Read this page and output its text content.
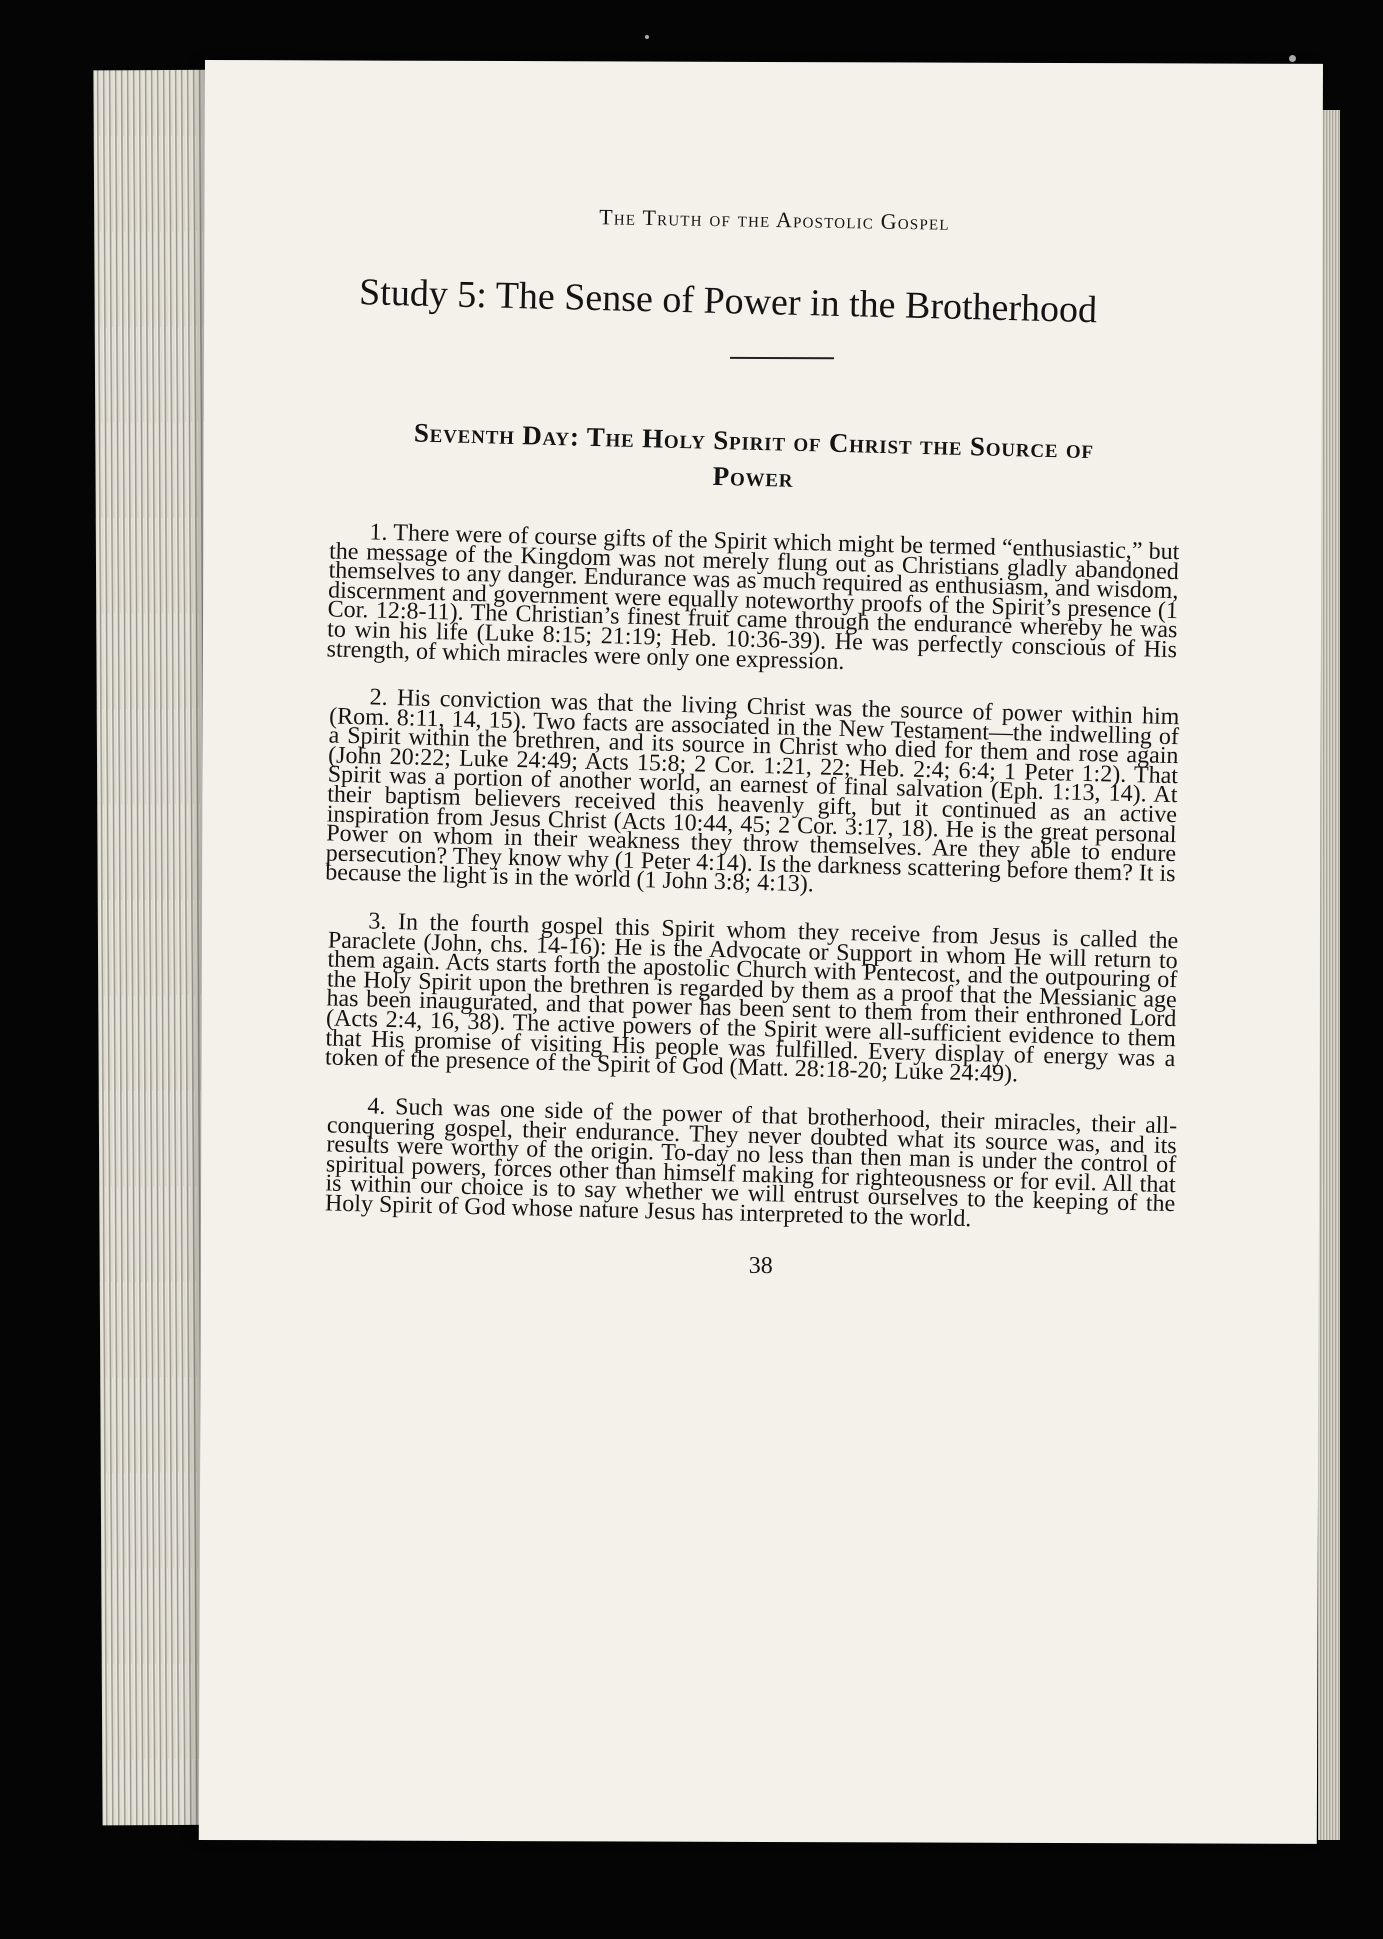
The Truth of the Apostolic Gospel
Study 5: The Sense of Power in the Brotherhood
Seventh Day: The Holy Spirit of Christ the Source of
Power

1. There were of course gifts of the Spirit which might be termed “enthusiastic,” but the message of the Kingdom was not merely flung out as Christians gladly abandoned themselves to any danger. Endurance was as much required as enthusiasm, and wisdom, discernment and government were equally noteworthy proofs of the Spirit’s presence (1 Cor. 12:8-11). The Christian’s finest fruit came through the endurance whereby he was to win his life (Luke 8:15; 21:19; Heb. 10:36-39). He was perfectly conscious of His strength, of which miracles were only one expression.

2. His conviction was that the living Christ was the source of power within him (Rom. 8:11, 14, 15). Two facts are associated in the New Testament—the indwelling of a Spirit within the brethren, and its source in Christ who died for them and rose again (John 20:22; Luke 24:49; Acts 15:8; 2 Cor. 1:21, 22; Heb. 2:4; 6:4; 1 Peter 1:2). That Spirit was a portion of another world, an earnest of final salvation (Eph. 1:13, 14). At their baptism believers received this heavenly gift, but it continued as an active inspiration from Jesus Christ (Acts 10:44, 45; 2 Cor. 3:17, 18). He is the great personal Power on whom in their weakness they throw themselves. Are they able to endure persecution? They know why (1 Peter 4:14). Is the darkness scattering before them? It is because the light is in the world (1 John 3:8; 4:13).

3. In the fourth gospel this Spirit whom they receive from Jesus is called the Paraclete (John, chs. 14-16): He is the Advocate or Support in whom He will return to them again. Acts starts forth the apostolic Church with Pentecost, and the outpouring of the Holy Spirit upon the brethren is regarded by them as a proof that the Messianic age has been inaugurated, and that power has been sent to them from their enthroned Lord (Acts 2:4, 16, 38). The active powers of the Spirit were all-sufficient evidence to them that His promise of visiting His people was fulfilled. Every display of energy was a token of the presence of the Spirit of God (Matt. 28:18-20; Luke 24:49).

4. Such was one side of the power of that brotherhood, their miracles, their all-conquering gospel, their endurance. They never doubted what its source was, and its results were worthy of the origin. To-day no less than then man is under the control of spiritual powers, forces other than himself making for righteousness or for evil. All that is within our choice is to say whether we will entrust ourselves to the keeping of the Holy Spirit of God whose nature Jesus has interpreted to the world.

38
